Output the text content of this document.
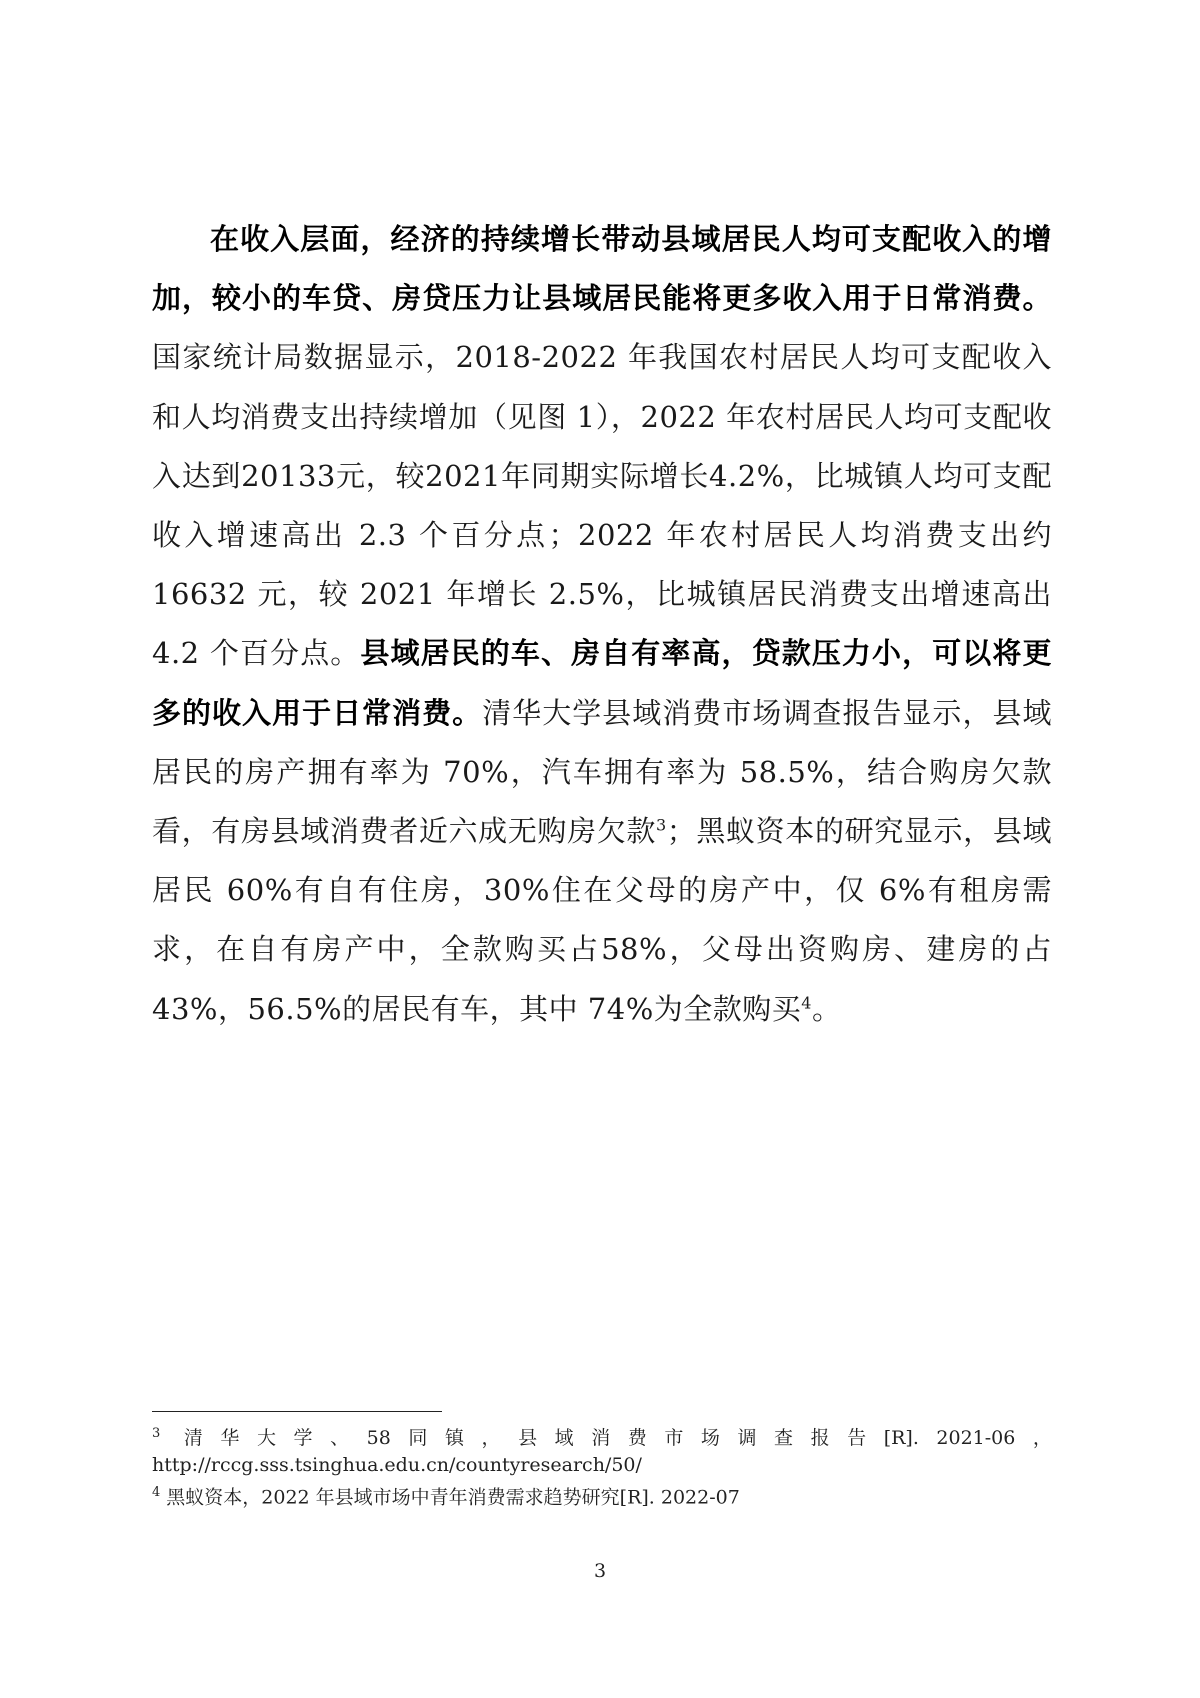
在收入层面，经济的持续增长带动县域居民人均可支配收入的增加，较小的车贷、房贷压力让县域居民能将更多收入用于日常消费。国家统计局数据显示，2018-2022 年我国农村居民人均可支配收入和人均消费支出持续增加（见图 1），2022 年农村居民人均可支配收入达到20133元，较2021年同期实际增长4.2%，比城镇人均可支配收入增速高出 2.3 个百分点；2022 年农村居民人均消费支出约 16632 元，较 2021 年增长 2.5%，比城镇居民消费支出增速高出 4.2 个百分点。县域居民的车、房自有率高，贷款压力小，可以将更多的收入用于日常消费。清华大学县域消费市场调查报告显示，县域居民的房产拥有率为 70%，汽车拥有率为 58.5%，结合购房欠款看，有房县域消费者近六成无购房欠款$^3$；黑蚁资本的研究显示，县域居民 60%有自有住房，30%住在父母的房产中，仅 6%有租房需求，在自有房产中，全款购买占58%，父母出资购房、建房的占 43%，56.5%的居民有车，其中 74%为全款购买$^4$。

3	清 华 大 学 、 58 同 镇 ， 县 域 消 费 市 场 调 查 报 告 [R]. 2021-06 ，
http://rccg.sss.tsinghua.edu.cn/countyresearch/50/
$^4$ 黑蚁资本，2022 年县域市场中青年消费需求趋势研究[R]. 2022-07
3
